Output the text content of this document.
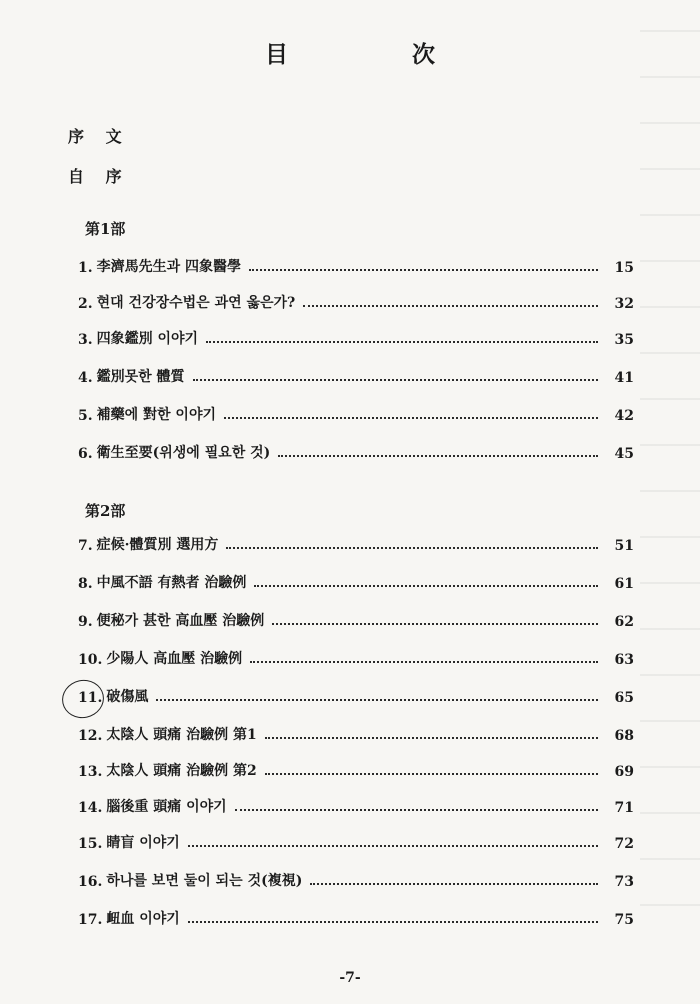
目 次
序 文
自 序
第1部
1. 李濟馬先生과 四象醫學	15
2. 현대 건강장수법은 과연 옳은가?	32
3. 四象鑑別 이야기	35
4. 鑑別못한 體質	41
5. 補藥에 對한 이야기	42
6. 衛生至要(위생에 필요한 것)	45
第2部
7. 症候·體質別 選用方	51
8. 中風不語 有熱者 治驗例	61
9. 便秘가 甚한 高血壓 治驗例	62
10. 少陽人 高血壓 治驗例	63
11. 破傷風	65
12. 太陰人 頭痛 治驗例 第1	68
13. 太陰人 頭痛 治驗例 第2	69
14. 腦後重 頭痛 이야기	71
15. 睛盲 이야기	72
16. 하나를 보면 둘이 되는 것(複視)	73
17. 衄血 이야기	75
-7-
